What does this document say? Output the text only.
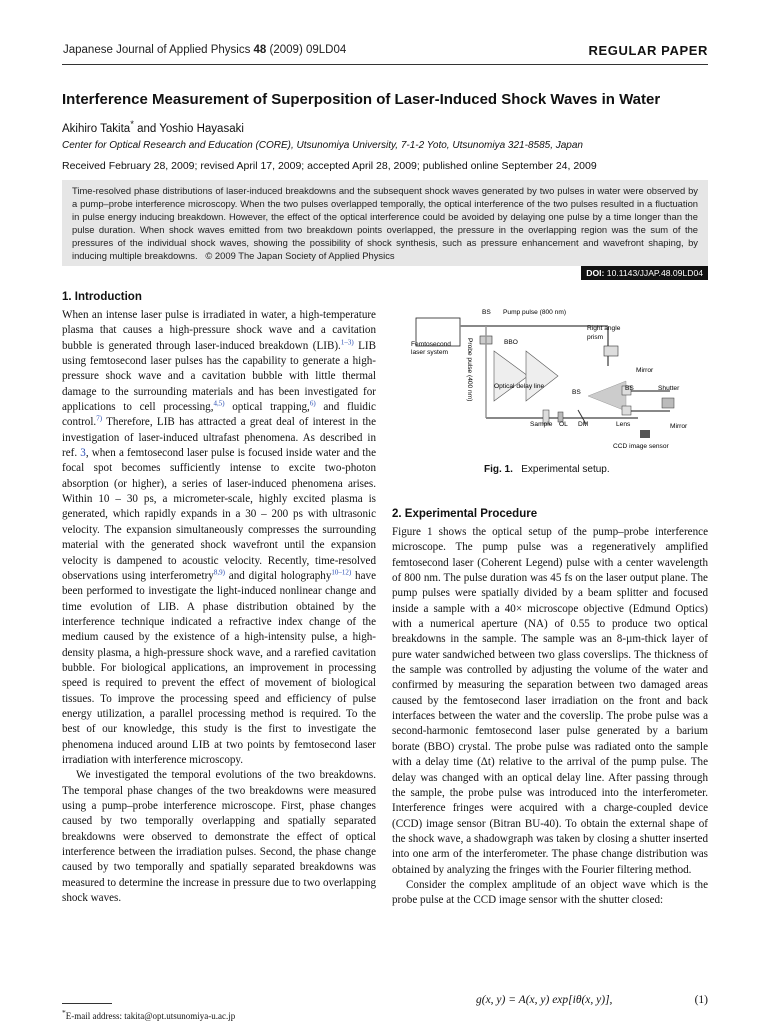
Japanese Journal of Applied Physics 48 (2009) 09LD04	REGULAR PAPER
Interference Measurement of Superposition of Laser-Induced Shock Waves in Water
Akihiro Takita* and Yoshio Hayasaki
Center for Optical Research and Education (CORE), Utsunomiya University, 7-1-2 Yoto, Utsunomiya 321-8585, Japan
Received February 28, 2009; revised April 17, 2009; accepted April 28, 2009; published online September 24, 2009
Time-resolved phase distributions of laser-induced breakdowns and the subsequent shock waves generated by two pulses in water were observed by a pump–probe interference microscopy. When the two pulses overlapped temporally, the optical interference of the two pulses resulted in a fluctuation in pulse energy inducing breakdown. However, the effect of the optical interference could be avoided by delaying one pulse by a time longer than the pulse duration. When shock waves emitted from two breakdown points overlapped, the pressure in the overlapping region was the sum of the pressures of the individual shock waves, showing the possibility of shock synthesis, such as pressure enhancement and wavefront shaping, by inducing multiple breakdowns. © 2009 The Japan Society of Applied Physics
DOI: 10.1143/JJAP.48.09LD04
1. Introduction

When an intense laser pulse is irradiated in water, a high-temperature plasma that causes a high-pressure shock wave and a cavitation bubble is generated through laser-induced breakdown (LIB).$^{1-3)}$ LIB using femtosecond laser pulses has the capability to generate a high-pressure shock wave and a cavitation bubble with little thermal damage to the surrounding materials and has been investigated for applications to cell processing,$^{4,5)}$ optical trapping,$^{6)}$ and fluidic control.$^{7)}$ Therefore, LIB has attracted a great deal of interest in the investigation of laser-induced ultrafast phenomena. As described in ref. 3, when a femtosecond laser pulse is focused inside water and the focal spot becomes sufficiently intense to excite two-photon absorption (or higher), a series of laser-induced phenomena arises. Within 10 – 30 ps, a micrometer-scale, highly excited plasma is generated, which rapidly expands in a 30 – 200 ps with ultrasonic velocity. The expansion simultaneously compresses the surrounding material with the generated shock wavefront until the expansion velocity is dampened to acoustic velocity. Recently, time-resolved observations using interferometry$^{8,9)}$ and digital holography$^{10-12)}$ have been performed to investigate the light-induced nonlinear change and time evolution of LIB. A phase distribution obtained by the interference technique indicated a refractive index change of the medium caused by the existence of a high-intensity pulse, a high-density plasma, a high-pressure shock wave, and a rarefied cavitation bubble. For biological applications, an improvement in processing speed is required to prevent the effect of movement of biological tissues. To improve the processing speed and efficiency of pulse energy utilization, a parallel processing method is required. To the best of our knowledge, this study is the first to investigate the phenomena induced around LIB at two points by femtosecond laser irradiation with interference microscopy.

We investigated the temporal evolutions of the two breakdowns. The temporal phase changes of the two breakdowns were measured using a pump–probe interference microscope. First, phase changes caused by two temporally overlapping and spatially separated breakdowns were observed to demonstrate the effect of optical interference between the irradiation pulses. Second, the phase change caused by two temporally and spatially separated breakdowns was measured to determine the increase in pressure due to two overlapping shock waves.

*E-mail address: takita@opt.utsunomiya-u.ac.jp
Femtosecond
laser system
BS Pump pulse (800 nm)
Right angle
prism
BBO
Probe pulse (400 nm)	Optical delay line
Sample OL DM
BS
BS
Mirror
Shutter
Lens	Mirror
CCD image sensor
Fig. 1. Experimental setup.
2. Experimental Procedure

Figure 1 shows the optical setup of the pump–probe interference microscope. The pump pulse was a regeneratively amplified femtosecond laser (Coherent Legend) pulse with a center wavelength of 800 nm. The pulse duration was 45 fs on the laser output plane. The pump pulses were spatially divided by a beam splitter and focused inside a sample with a 40× microscope objective (Edmund Optics) with a numerical aperture (NA) of 0.55 to produce two optical breakdowns in the sample. The sample was an 8-µm-thick layer of pure water sandwiched between two glass coverslips. The thickness of the sample was controlled by adjusting the volume of the water and confirmed by measuring the separation between two damaged areas caused by the femtosecond laser irradiation on the front and back interfaces between the water and the coverslip. The probe pulse was a second-harmonic femtosecond laser pulse generated by a barium borate (BBO) crystal. The probe pulse was radiated onto the sample with a delay time (Δt) relative to the arrival of the pump pulse. The delay was changed with an optical delay line. After passing through the sample, the probe pulse was introduced into the interferometer. Interference fringes were acquired with a charge-coupled device (CCD) image sensor (Bitran BU-40). To obtain the external shape of the shock wave, a shadowgraph was taken by closing a shutter inserted into one arm of the interferometer. The phase change distribution was obtained by analyzing the fringes with the Fourier filtering method.

Consider the complex amplitude of an object wave which is the probe pulse at the CCD image sensor with the shutter closed:

g(x, y) = A(x, y) exp[iθ(x, y)],	(1)
